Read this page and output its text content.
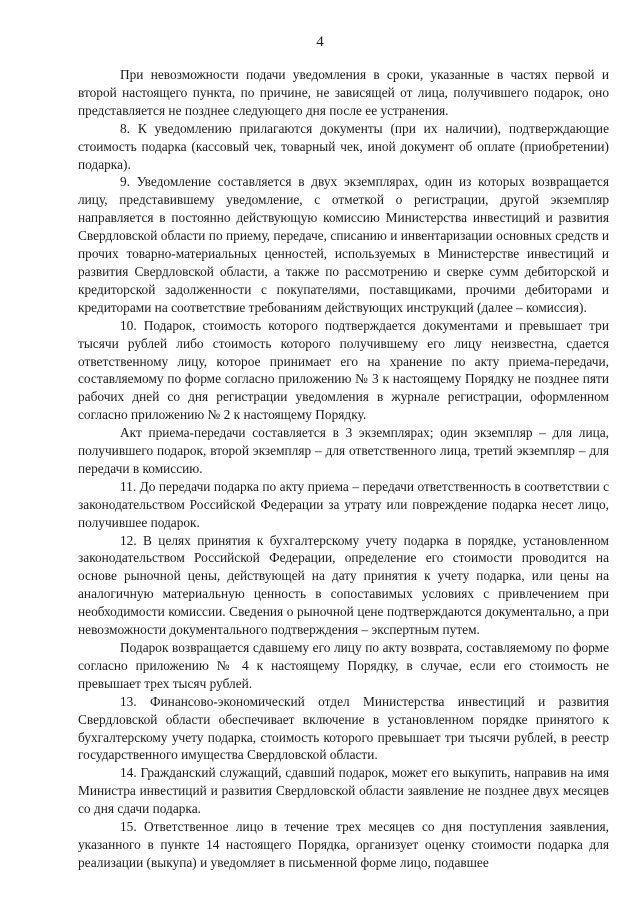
4

При невозможности подачи уведомления в сроки, указанные в частях первой и второй настоящего пункта, по причине, не зависящей от лица, получившего подарок, оно представляется не позднее следующего дня после ее устранения.

8. К уведомлению прилагаются документы (при их наличии), подтверждающие стоимость подарка (кассовый чек, товарный чек, иной документ об оплате (приобретении) подарка).

9. Уведомление составляется в двух экземплярах, один из которых возвращается лицу, представившему уведомление, с отметкой о регистрации, другой экземпляр направляется в постоянно действующую комиссию Министерства инвестиций и развития Свердловской области по приему, передаче, списанию и инвентаризации основных средств и прочих товарно-материальных ценностей, используемых в Министерстве инвестиций и развития Свердловской области, а также по рассмотрению и сверке сумм дебиторской и кредиторской задолженности с покупателями, поставщиками, прочими дебиторами и кредиторами на соответствие требованиям действующих инструкций (далее – комиссия).

10. Подарок, стоимость которого подтверждается документами и превышает три тысячи рублей либо стоимость которого получившему его лицу неизвестна, сдается ответственному лицу, которое принимает его на хранение по акту приема-передачи, составляемому по форме согласно приложению № 3 к настоящему Порядку не позднее пяти рабочих дней со дня регистрации уведомления в журнале регистрации, оформленном согласно приложению № 2 к настоящему Порядку.

Акт приема-передачи составляется в 3 экземплярах; один экземпляр – для лица, получившего подарок, второй экземпляр – для ответственного лица, третий экземпляр – для передачи в комиссию.

11. До передачи подарка по акту приема – передачи ответственность в соответствии с законодательством Российской Федерации за утрату или повреждение подарка несет лицо, получившее подарок.

12. В целях принятия к бухгалтерскому учету подарка в порядке, установленном законодательством Российской Федерации, определение его стоимости проводится на основе рыночной цены, действующей на дату принятия к учету подарка, или цены на аналогичную материальную ценность в сопоставимых условиях с привлечением при необходимости комиссии. Сведения о рыночной цене подтверждаются документально, а при невозможности документального подтверждения – экспертным путем.

Подарок возвращается сдавшему его лицу по акту возврата, составляемому по форме согласно приложению № 4 к настоящему Порядку, в случае, если его стоимость не превышает трех тысяч рублей.

13. Финансово-экономический отдел Министерства инвестиций и развития Свердловской области обеспечивает включение в установленном порядке принятого к бухгалтерскому учету подарка, стоимость которого превышает три тысячи рублей, в реестр государственного имущества Свердловской области.

14. Гражданский служащий, сдавший подарок, может его выкупить, направив на имя Министра инвестиций и развития Свердловской области заявление не позднее двух месяцев со дня сдачи подарка.

15. Ответственное лицо в течение трех месяцев со дня поступления заявления, указанного в пункте 14 настоящего Порядка, организует оценку стоимости подарка для реализации (выкупа) и уведомляет в письменной форме лицо, подавшее
